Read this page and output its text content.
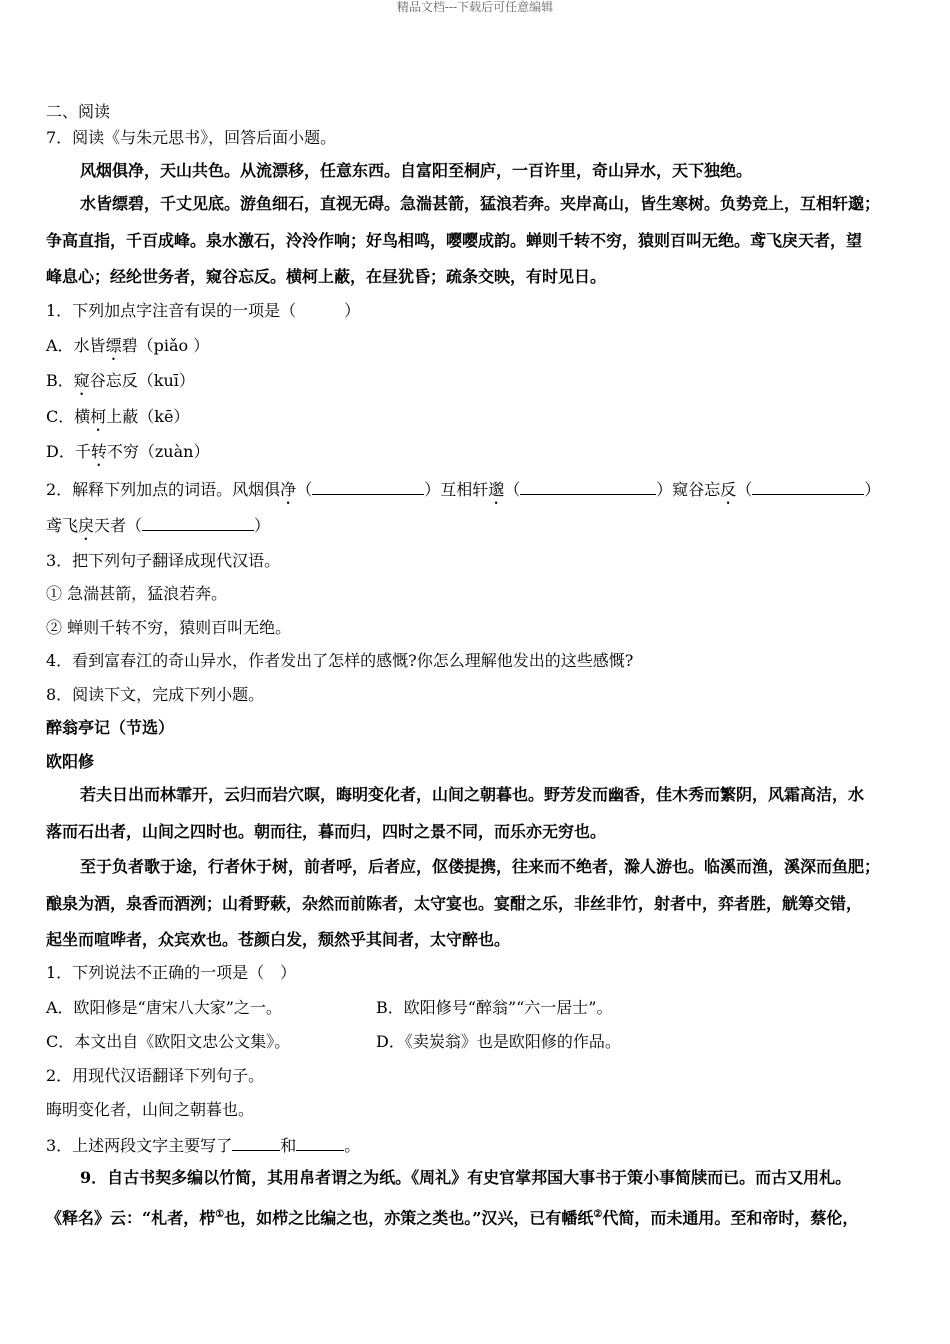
精品文档---下载后可任意编辑
二、阅读
7．阅读《与朱元思书》，回答后面小题。
风烟俱净，天山共色。从流漂移，任意东西。自富阳至桐庐，一百许里，奇山异水，天下独绝。
水皆缥碧，千丈见底。游鱼细石，直视无碍。急湍甚箭，猛浪若奔。夹岸高山，皆生寒树。负势竞上，互相轩邈；
争高直指，千百成峰。泉水激石，泠泠作响；好鸟相鸣，嘤嘤成韵。蝉则千转不穷，猿则百叫无绝。鸢飞戾天者，望
峰息心；经纶世务者，窥谷忘反。横柯上蔽，在昼犹昏；疏条交映，有时见日。
1．下列加点字注音有误的一项是（　　　）
A．水皆缥碧（piǎo ）
B．窥谷忘反（kuī）
C．横柯上蔽（kē）
D．千转不穷（zuàn）
2．解释下列加点的词语。风烟俱净（	）互相轩邈（	）窥谷忘反（	）
鸢飞戾天者（	）
3．把下列句子翻译成现代汉语。
① 急湍甚箭，猛浪若奔。
② 蝉则千转不穷，猿则百叫无绝。
4．看到富春江的奇山异水，作者发出了怎样的感慨?你怎么理解他发出的这些感慨?
8．阅读下文，完成下列小题。
醉翁亭记（节选）
欧阳修
若夫日出而林霏开，云归而岩穴暝，晦明变化者，山间之朝暮也。野芳发而幽香，佳木秀而繁阴，风霜高洁，水
落而石出者，山间之四时也。朝而往，暮而归，四时之景不同，而乐亦无穷也。
至于负者歌于途，行者休于树，前者呼，后者应，伛偻提携，往来而不绝者，滁人游也。临溪而渔，溪深而鱼肥；
酿泉为酒，泉香而酒洌；山肴野蔌，杂然而前陈者，太守宴也。宴酣之乐，非丝非竹，射者中，弈者胜，觥筹交错，
起坐而喧哗者，众宾欢也。苍颜白发，颓然乎其间者，太守醉也。
1．下列说法不正确的一项是（　）
A．欧阳修是“唐宋八大家”之一。	B．欧阳修号“醉翁”“六一居士”。
C．本文出自《欧阳文忠公文集》。	D．《卖炭翁》也是欧阳修的作品。
2．用现代汉语翻译下列句子。
晦明变化者，山间之朝暮也。
3．上述两段文字主要写了	和	。
9．自古书契多编以竹简，其用帛者谓之为纸。《周礼》有史官掌邦国大事书于策小事简牍而已。而古又用札。
《释名》云：“札者，栉①也，如栉之比编之也，亦策之类也。”汉兴，已有幡纸②代简，而未通用。至和帝时，蔡伦，
